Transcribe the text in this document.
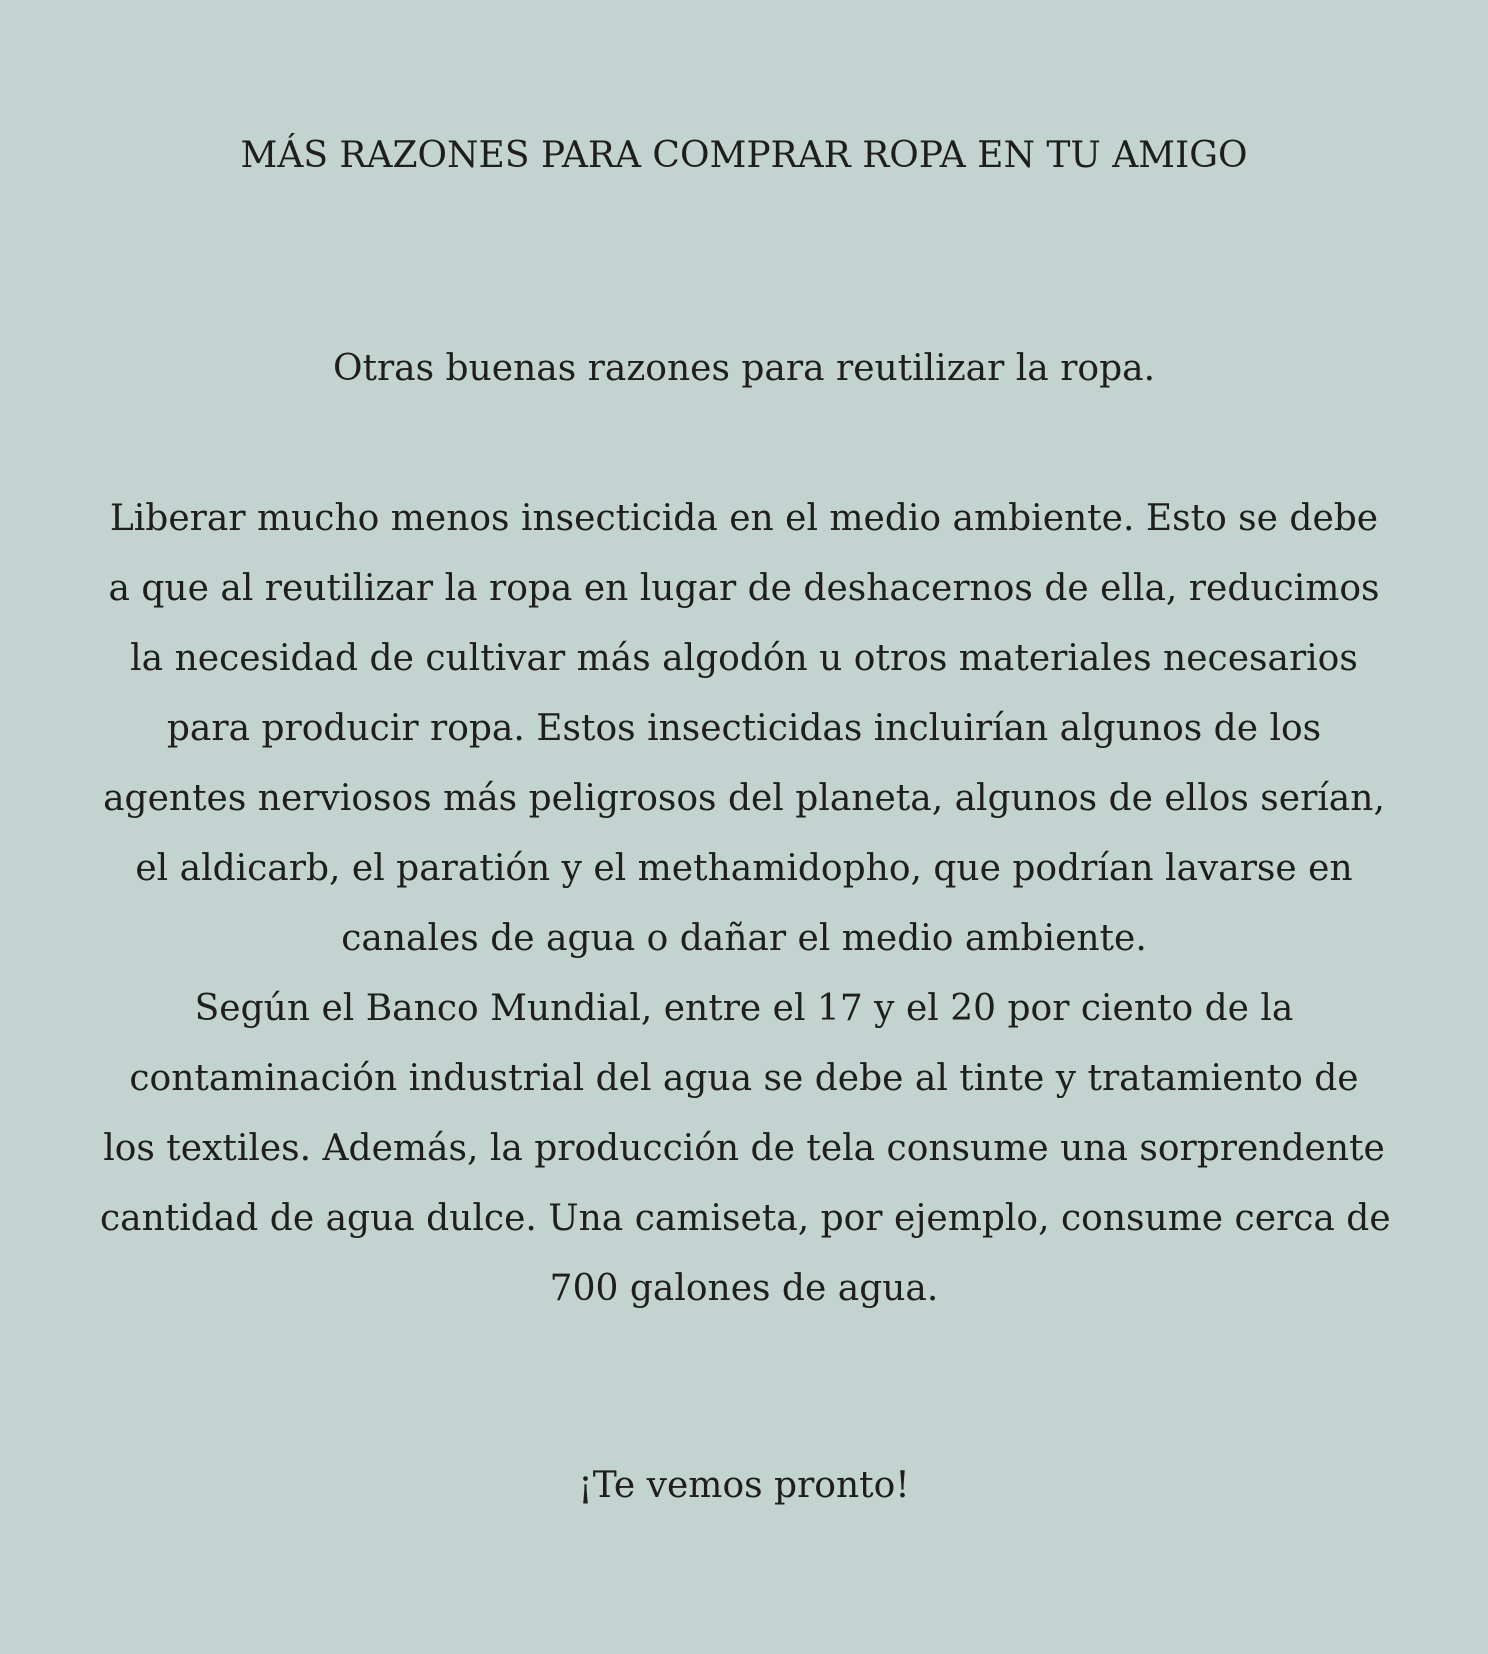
MÁS RAZONES PARA COMPRAR ROPA EN TU AMIGO

Otras buenas razones para reutilizar la ropa.

Liberar mucho menos insecticida en el medio ambiente. Esto se debe
a que al reutilizar la ropa en lugar de deshacernos de ella, reducimos
la necesidad de cultivar más algodón u otros materiales necesarios
para producir ropa. Estos insecticidas incluirían algunos de los
agentes nerviosos más peligrosos del planeta, algunos de ellos serían,
el aldicarb, el paratión y el methamidopho, que podrían lavarse en
canales de agua o dañar el medio ambiente.
Según el Banco Mundial, entre el 17 y el 20 por ciento de la
contaminación industrial del agua se debe al tinte y tratamiento de
los textiles. Además, la producción de tela consume una sorprendente
cantidad de agua dulce. Una camiseta, por ejemplo, consume cerca de
700 galones de agua.

¡Te vemos pronto!
